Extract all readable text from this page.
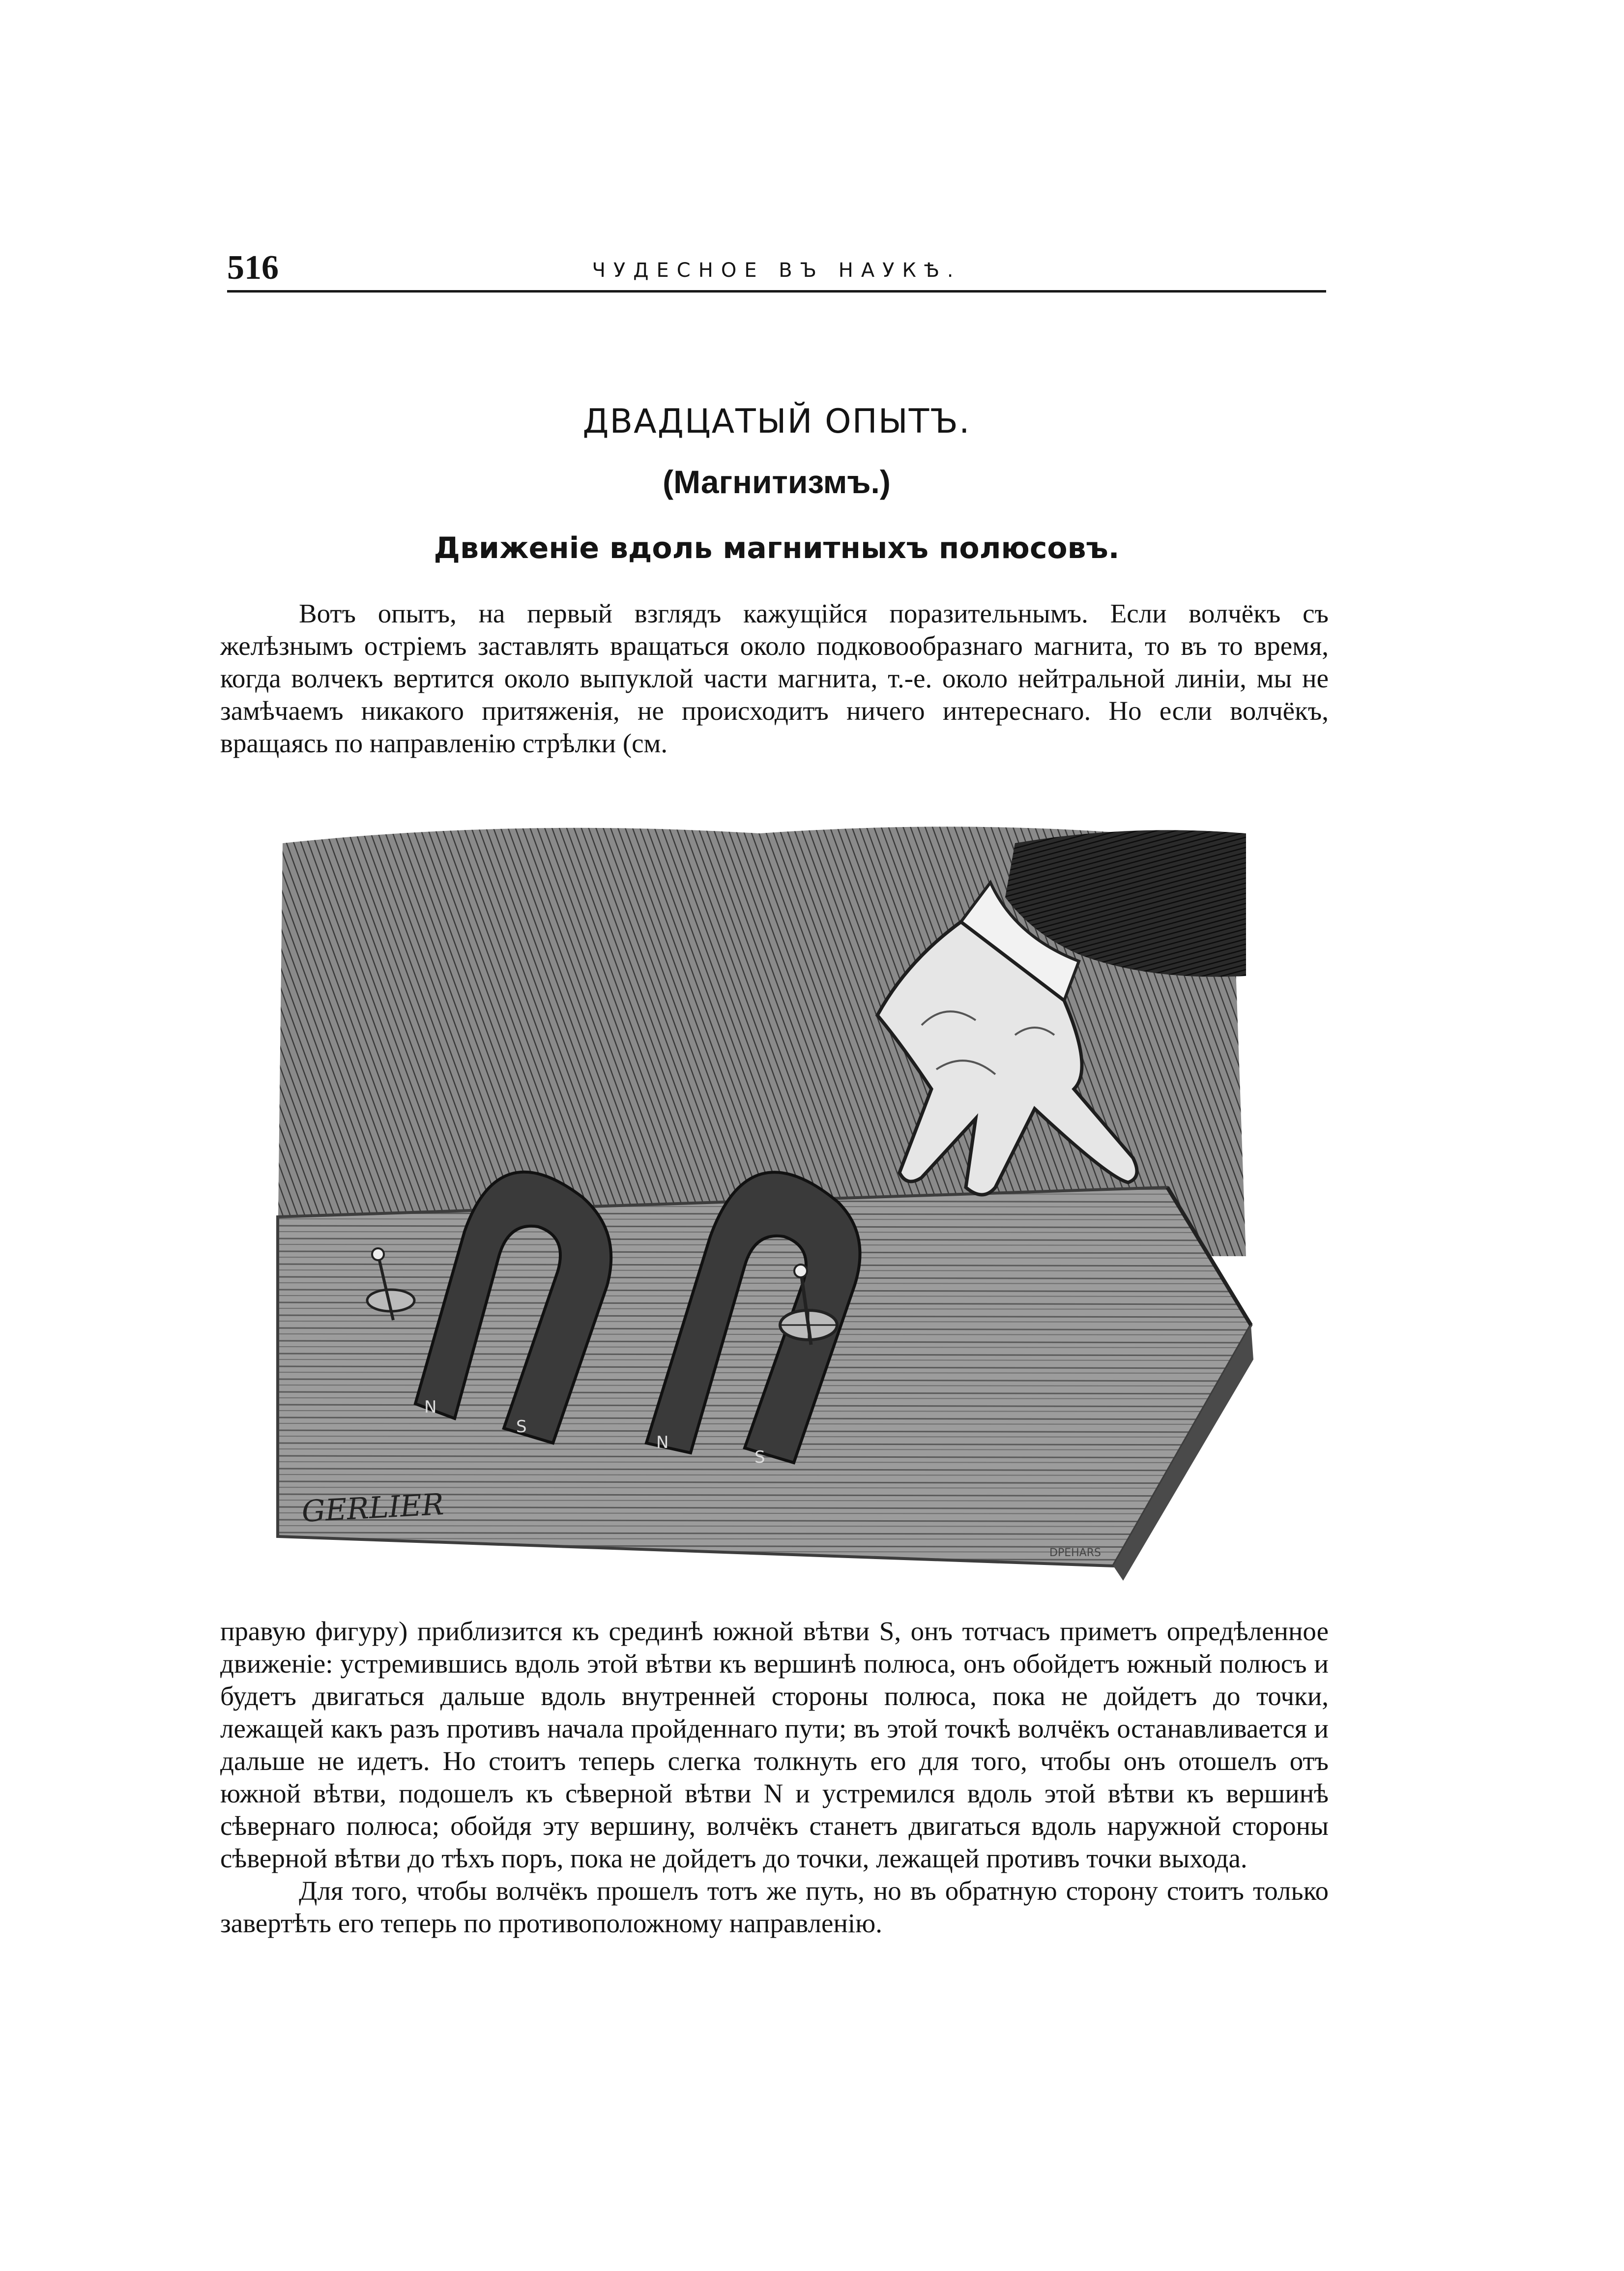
516	ЧУДЕСНОЕ ВЪ НАУКѢ.
ДВАДЦАТЫЙ ОПЫТЪ.
(Магнитизмъ.)
Движеніе вдоль магнитныхъ полюсовъ.

Вотъ опытъ, на первый взглядъ кажущійся поразительнымъ. Если волчёкъ съ желѣзнымъ остріемъ заставлять вращаться около подковообразнаго магнита, то въ то время, когда волчекъ вертится около выпуклой части магнита, т.-е. около нейтральной линіи, мы не замѣчаемъ никакого притяженія, не происходитъ ничего интереснаго. Но если волчёкъ, вращаясь по направленію стрѣлки (см.

N
S
N
S
GERLIER
DPEHARS

правую фигуру) приблизится къ срединѣ южной вѣтви S, онъ тотчасъ приметъ опредѣленное движеніе: устремившись вдоль этой вѣтви къ вершинѣ полюса, онъ обойдетъ южный полюсъ и будетъ двигаться дальше вдоль внутренней стороны полюса, пока не дойдетъ до точки, лежащей какъ разъ противъ начала пройденнаго пути; въ этой точкѣ волчёкъ останавливается и дальше не идетъ. Но стоитъ теперь слегка толкнуть его для того, чтобы онъ отошелъ отъ южной вѣтви, подошелъ къ сѣверной вѣтви N и устремился вдоль этой вѣтви къ вершинѣ сѣвернаго полюса; обойдя эту вершину, волчёкъ станетъ двигаться вдоль наружной стороны сѣверной вѣтви до тѣхъ поръ, пока не дойдетъ до точки, лежащей противъ точки выхода.

Для того, чтобы волчёкъ прошелъ тотъ же путь, но въ обратную сторону стоитъ только завертѣть его теперь по противоположному направленію.
